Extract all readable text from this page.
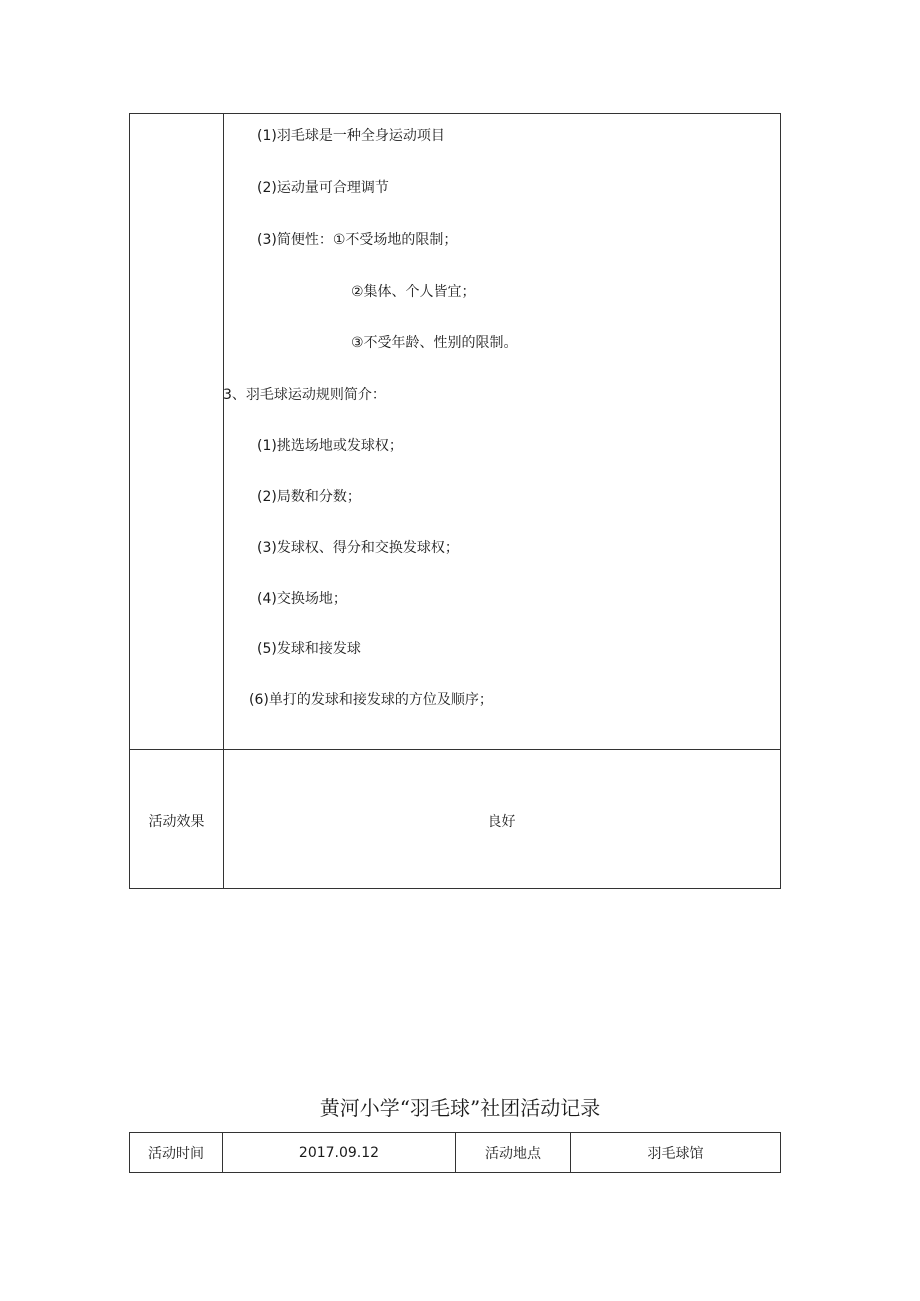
(1)羽毛球是一种全身运动项目
(2)运动量可合理调节
(3)简便性：①不受场地的限制；
②集体、个人皆宜；
③不受年龄、性别的限制。
3、羽毛球运动规则简介：
(1)挑选场地或发球权；
(2)局数和分数；
(3)发球权、得分和交换发球权；
(4)交换场地；
(5)发球和接发球
(6)单打的发球和接发球的方位及顺序；
活动效果	良好
黄河小学“羽毛球”社团活动记录
活动时间	2017.09.12	活动地点	羽毛球馆
